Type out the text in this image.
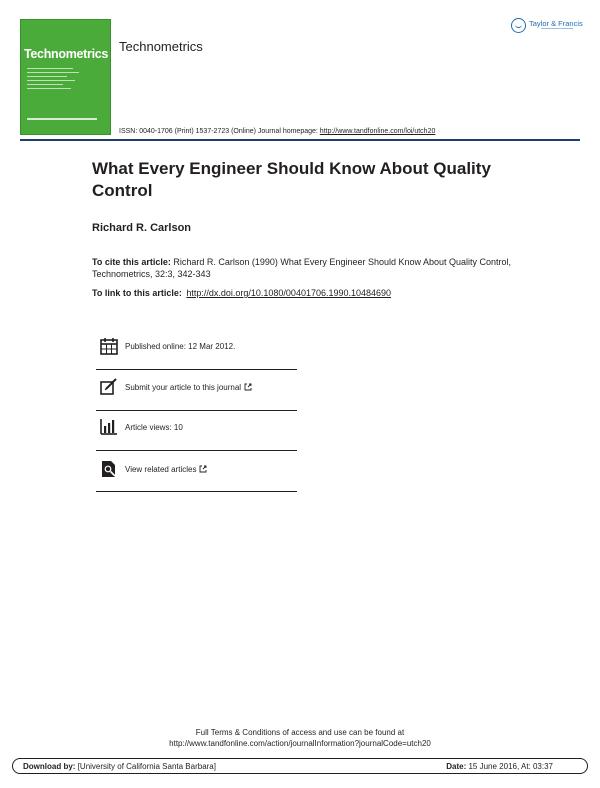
Technometrics Technometrics
Taylor & Francis
ISSN: 0040-1706 (Print) 1537-2723 (Online) Journal homepage: http://www.tandfonline.com/loi/utch20
What Every Engineer Should Know About Quality Control
Richard R. Carlson
To cite this article: Richard R. Carlson (1990) What Every Engineer Should Know About Quality Control, Technometrics, 32:3, 342-343
To link to this article: http://dx.doi.org/10.1080/00401706.1990.10484690
Published online: 12 Mar 2012.
Submit your article to this journal
Article views: 10
View related articles
Full Terms & Conditions of access and use can be found at
http://www.tandfonline.com/action/journalInformation?journalCode=utch20
Download by: [University of California Santa Barbara]	Date: 15 June 2016, At: 03:37
